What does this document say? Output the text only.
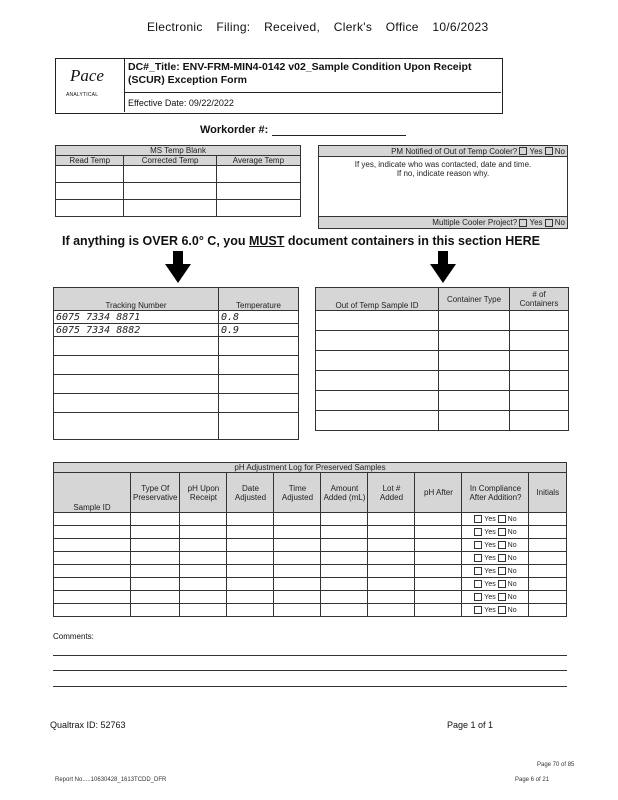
Electronic Filing: Received, Clerk's Office 10/6/2023
Pace
ANALYTICAL
DC#_Title: ENV-FRM-MIN4-0142 v02_Sample Condition Upon Receipt
(SCUR) Exception Form
Effective Date: 09/22/2022
Workorder #:
MS Temp Blank		
Read Temp	Corrected Temp	Average Temp

PM Notified of Out of Temp Cooler? Yes No

If yes, indicate who was contacted, date and time.
If no, indicate reason why.

Multiple Cooler Project? Yes No
If anything is OVER 6.0° C, you MUST document containers in this section HERE
Tracking Number	Temperature
6075 7334 8871	0.8
6075 7334 8882	0.9

Out of Temp Sample ID	Container Type	# of Containers

pH Adjustment Log for Preserved Samples									
Sample ID	Type Of Preservative	pH Upon Receipt	Date Adjusted	Time Adjusted	Amount Added (mL)	Lot # Added	pH After	In Compliance After Addition?	Initials
								Yes No	
								Yes No	
								Yes No	
								Yes No	
								Yes No	
								Yes No	
								Yes No	
								Yes No	
Comments:
Qualtrax ID: 52763	Page 1 of 1
Page 70 of 85
Report No.....10630428_1613TCDD_DFR	Page 6 of 21
